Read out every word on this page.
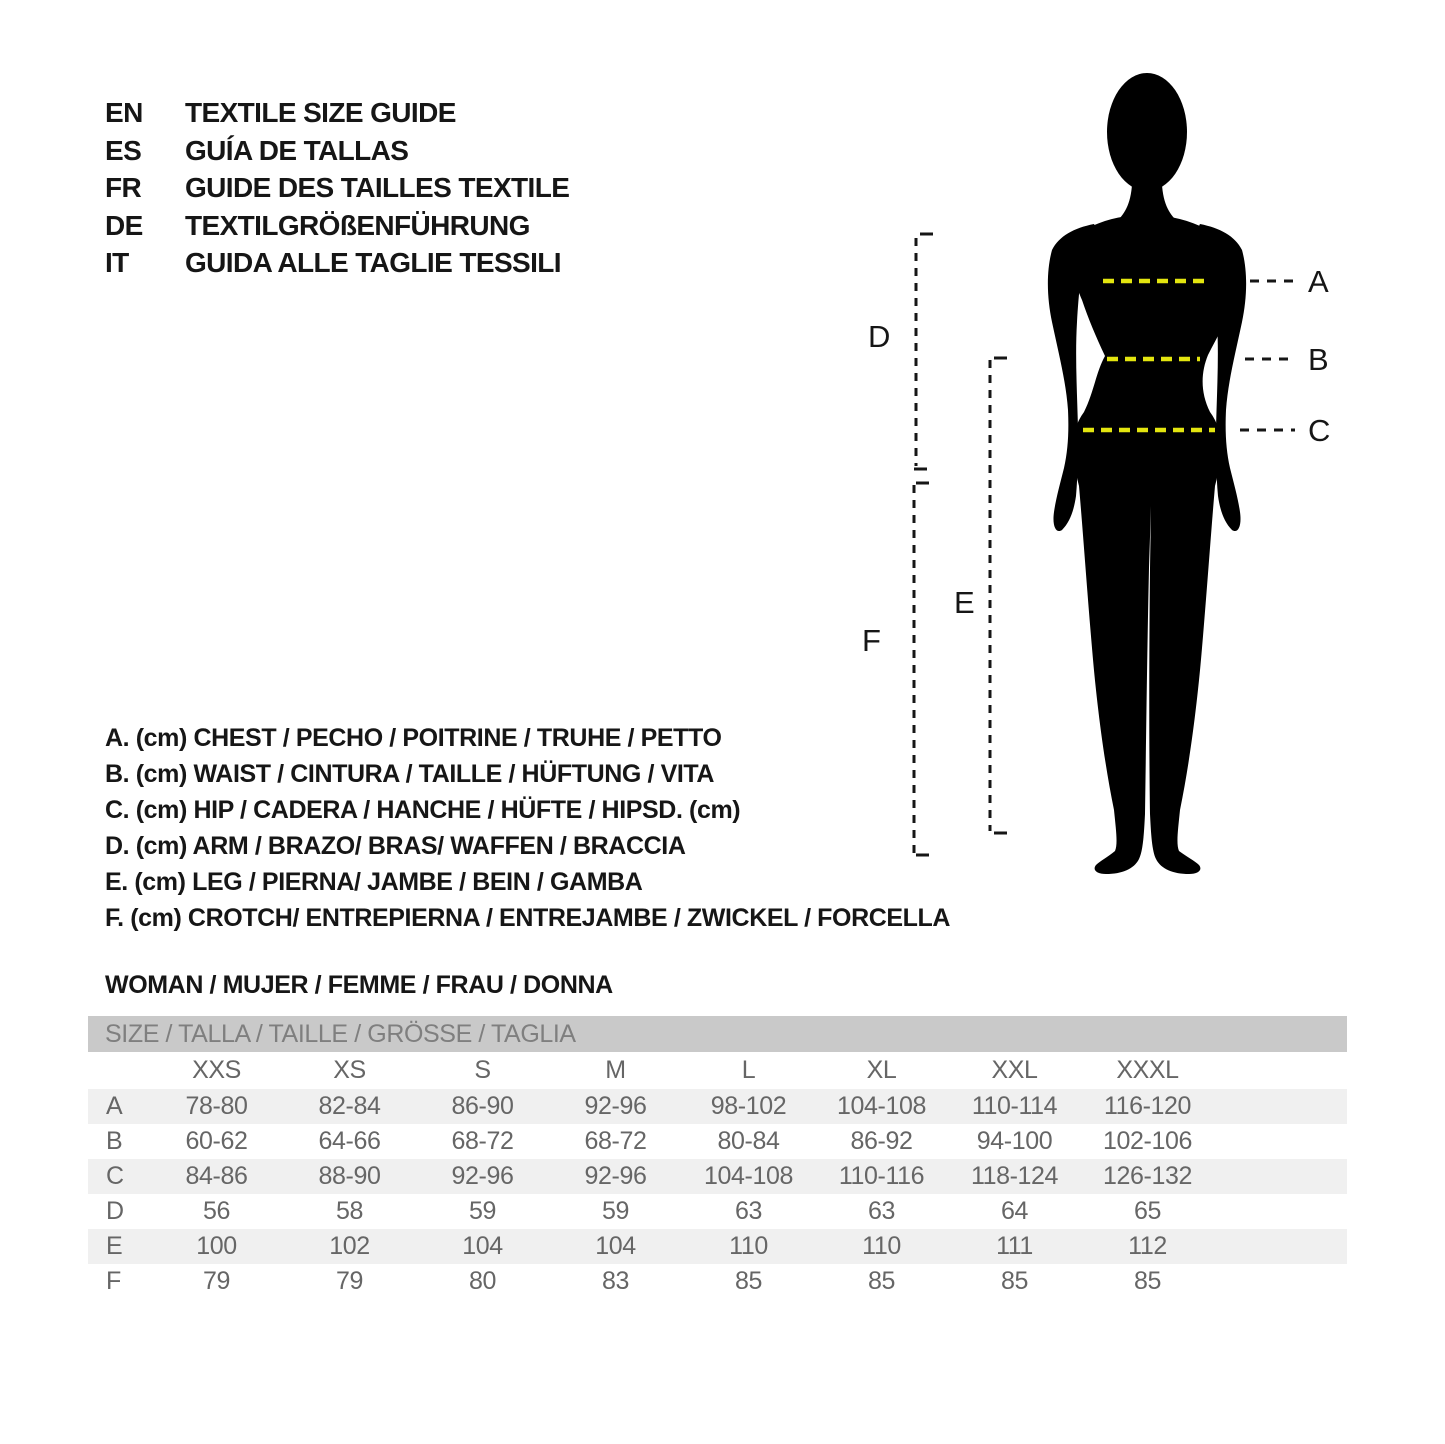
EN	TEXTILE SIZE GUIDE
ES	GUÍA DE TALLAS
FR	GUIDE DES TAILLES TEXTILE
DE	TEXTILGRÖßENFÜHRUNG
IT	GUIDA ALLE TAGLIE TESSILI
A
B
C
D
E
F
A. (cm) CHEST / PECHO / POITRINE / TRUHE / PETTO
B. (cm) WAIST / CINTURA / TAILLE / HÜFTUNG / VITA
C. (cm) HIP / CADERA / HANCHE / HÜFTE / HIPSD. (cm)
D. (cm) ARM / BRAZO/ BRAS/ WAFFEN / BRACCIA
E. (cm) LEG / PIERNA/ JAMBE / BEIN / GAMBA
F. (cm) CROTCH/ ENTREPIERNA / ENTREJAMBE / ZWICKEL / FORCELLA
WOMAN / MUJER / FEMME / FRAU / DONNA
SIZE / TALLA / TAILLE / GRÖSSE / TAGLIA									
	XXS	XS	S	M	L	XL	XXL	XXXL	
A	78-80	82-84	86-90	92-96	98-102	104-108	110-114	116-120	
B	60-62	64-66	68-72	68-72	80-84	86-92	94-100	102-106	
C	84-86	88-90	92-96	92-96	104-108	110-116	118-124	126-132	
D	56	58	59	59	63	63	64	65	
E	100	102	104	104	110	110	111	112	
F	79	79	80	83	85	85	85	85	
